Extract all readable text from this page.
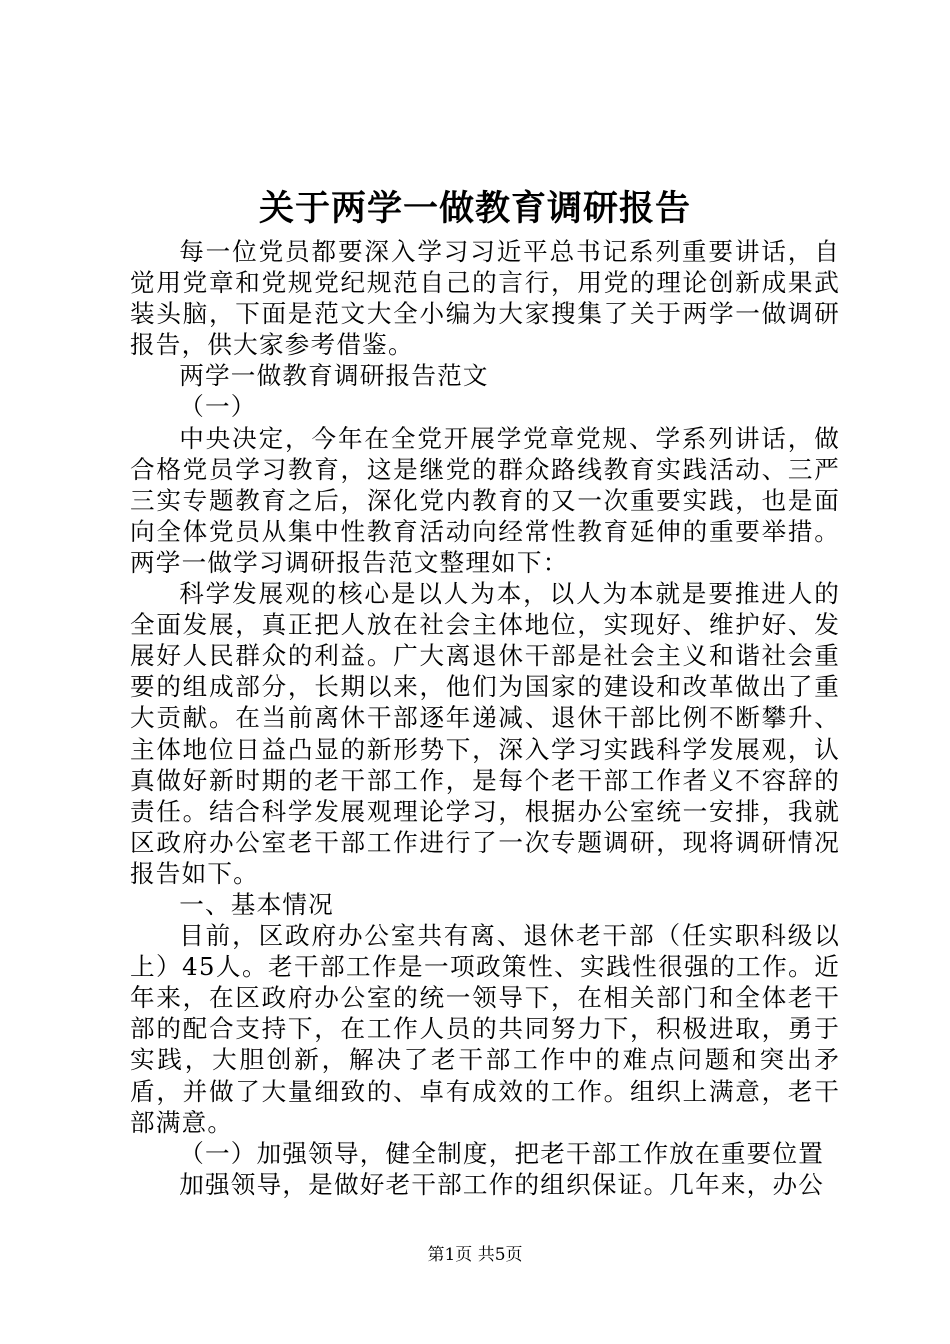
关于两学一做教育调研报告

每一位党员都要深入学习习近平总书记系列重要讲话，自觉用党章和党规党纪规范自己的言行，用党的理论创新成果武装头脑，下面是范文大全小编为大家搜集了关于两学一做调研报告，供大家参考借鉴。

两学一做教育调研报告范文

（一）

中央决定，今年在全党开展学党章党规、学系列讲话，做合格党员学习教育，这是继党的群众路线教育实践活动、三严三实专题教育之后，深化党内教育的又一次重要实践，也是面向全体党员从集中性教育活动向经常性教育延伸的重要举措。两学一做学习调研报告范文整理如下：

科学发展观的核心是以人为本，以人为本就是要推进人的全面发展，真正把人放在社会主体地位，实现好、维护好、发展好人民群众的利益。广大离退休干部是社会主义和谐社会重要的组成部分，长期以来，他们为国家的建设和改革做出了重大贡献。在当前离休干部逐年递减、退休干部比例不断攀升、主体地位日益凸显的新形势下，深入学习实践科学发展观，认真做好新时期的老干部工作，是每个老干部工作者义不容辞的责任。结合科学发展观理论学习，根据办公室统一安排，我就区政府办公室老干部工作进行了一次专题调研，现将调研情况报告如下。

一、基本情况

目前，区政府办公室共有离、退休老干部（任实职科级以上）45人。老干部工作是一项政策性、实践性很强的工作。近年来，在区政府办公室的统一领导下，在相关部门和全体老干部的配合支持下，在工作人员的共同努力下，积极进取，勇于实践，大胆创新，解决了老干部工作中的难点问题和突出矛盾，并做了大量细致的、卓有成效的工作。组织上满意，老干部满意。

（一）加强领导，健全制度，把老干部工作放在重要位置

加强领导，是做好老干部工作的组织保证。几年来，办公

第1页 共5页
